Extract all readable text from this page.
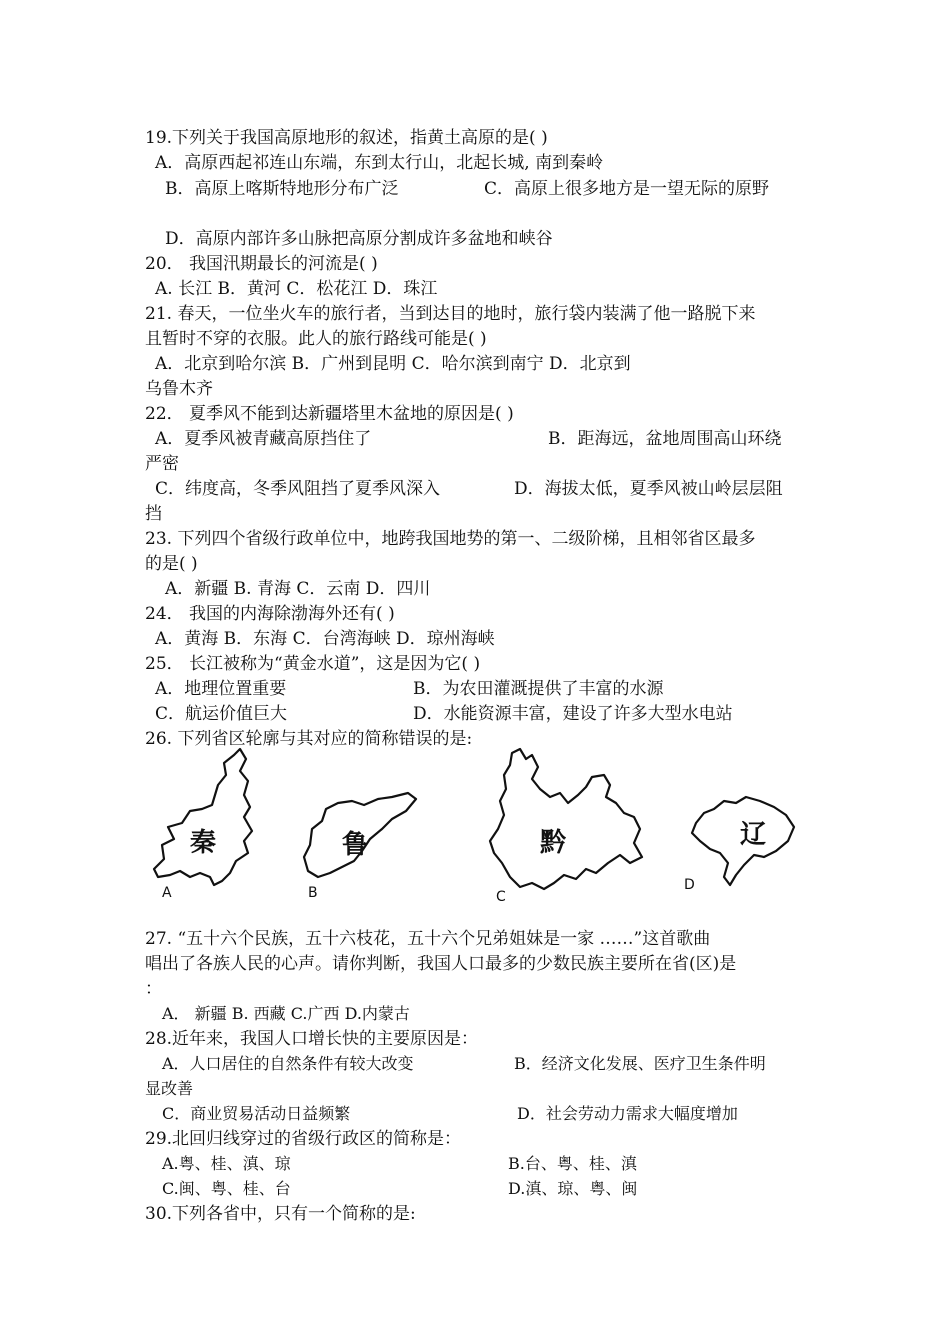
19.下列关于我国高原地形的叙述，指黄土高原的是( )
A．高原西起祁连山东端，东到太行山，北起长城, 南到秦岭
B．高原上喀斯特地形分布广泛	C．高原上很多地方是一望无际的原野
D．高原内部许多山脉把高原分割成许多盆地和峡谷
20． 我国汛期最长的河流是( )
A. 长江 B．黄河 C．松花江 D．珠江
21. 春天，一位坐火车的旅行者，当到达目的地时，旅行袋内装满了他一路脱下来
且暂时不穿的衣服。此人的旅行路线可能是( )
A．北京到哈尔滨 B．广州到昆明 C．哈尔滨到南宁 D．北京到
乌鲁木齐
22． 夏季风不能到达新疆塔里木盆地的原因是( )
A．夏季风被青藏高原挡住了	B．距海远，盆地周围高山环绕
严密
C．纬度高，冬季风阻挡了夏季风深入	D．海拔太低，夏季风被山岭层层阻
挡
23. 下列四个省级行政单位中，地跨我国地势的第一、二级阶梯，且相邻省区最多
的是( )
A．新疆 B. 青海 C．云南 D．四川
24． 我国的内海除渤海外还有( )
A．黄海 B．东海 C．台湾海峡 D．琼州海峡
25． 长江被称为“黄金水道”，这是因为它( )
A．地理位置重要	B．为农田灌溉提供了丰富的水源
C．航运价值巨大	D．水能资源丰富，建设了许多大型水电站
26. 下列省区轮廓与其对应的简称错误的是:
秦
A
鲁
B
黔
C
辽
D
27. “五十六个民族，五十六枝花，五十六个兄弟姐妹是一家 ……”这首歌曲
唱出了各族人民的心声。请你判断，我国人口最多的少数民族主要所在省(区)是
：
A． 新疆 B. 西藏 C.广西 D.内蒙古
28.近年来，我国人口增长快的主要原因是：
A．人口居住的自然条件有较大改变	B．经济文化发展、医疗卫生条件明
显改善
C．商业贸易活动日益频繁	D．社会劳动力需求大幅度增加
29.北回归线穿过的省级行政区的简称是：
A.粤、桂、滇、琼	B.台、粤、桂、滇
C.闽、粤、桂、台	D.滇、琼、粤、闽
30.下列各省中，只有一个简称的是:
